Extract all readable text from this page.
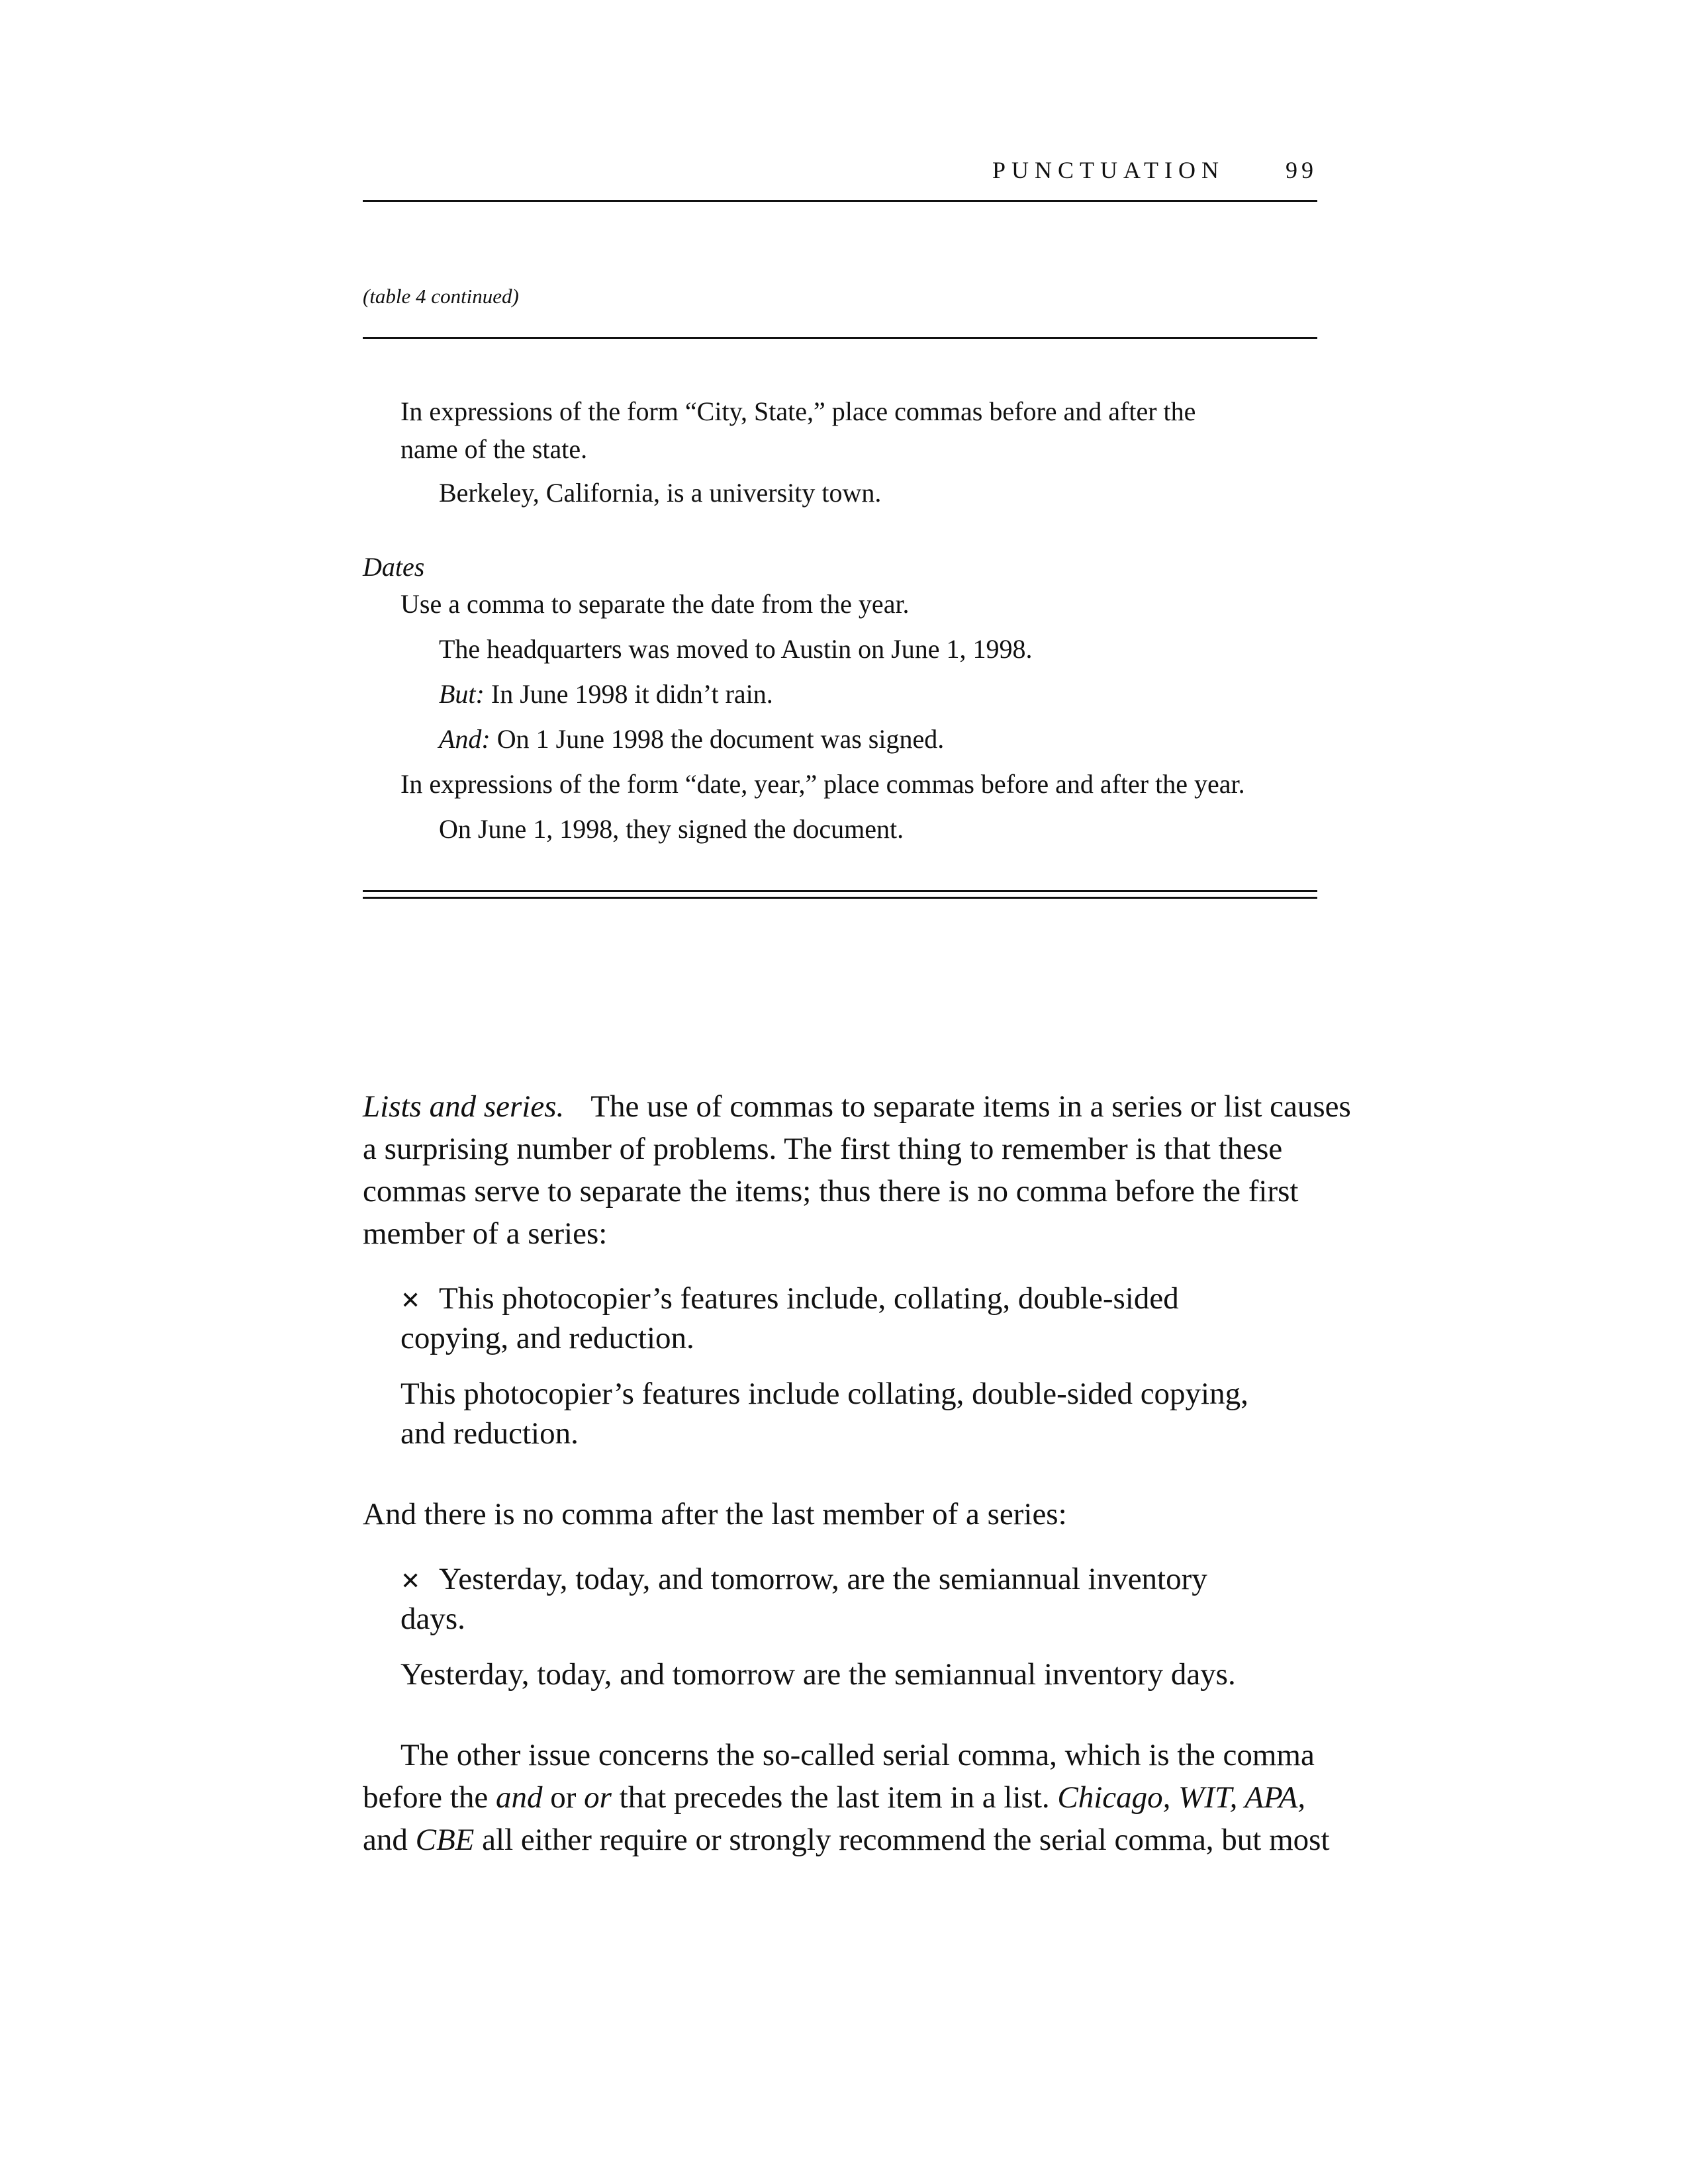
PUNCTUATION	99
(table 4 continued)
In expressions of the form “City, State,” place commas before and after the
name of the state.
Berkeley, California, is a university town.
Dates
Use a comma to separate the date from the year.
The headquarters was moved to Austin on June 1, 1998.
But: In June 1998 it didn’t rain.
And: On 1 June 1998 the document was signed.
In expressions of the form “date, year,” place commas before and after the year.
On June 1, 1998, they signed the document.
Lists and series. The use of commas to separate items in a series or list causes
a surprising number of problems. The first thing to remember is that these
commas serve to separate the items; thus there is no comma before the first
member of a series:
✕ This photocopier’s features include, collating, double-sided
copying, and reduction.
This photocopier’s features include collating, double-sided copying,
and reduction.
And there is no comma after the last member of a series:
✕ Yesterday, today, and tomorrow, are the semiannual inventory
days.
Yesterday, today, and tomorrow are the semiannual inventory days.
The other issue concerns the so-called serial comma, which is the comma
before the and or or that precedes the last item in a list. Chicago, WIT, APA,
and CBE all either require or strongly recommend the serial comma, but most
